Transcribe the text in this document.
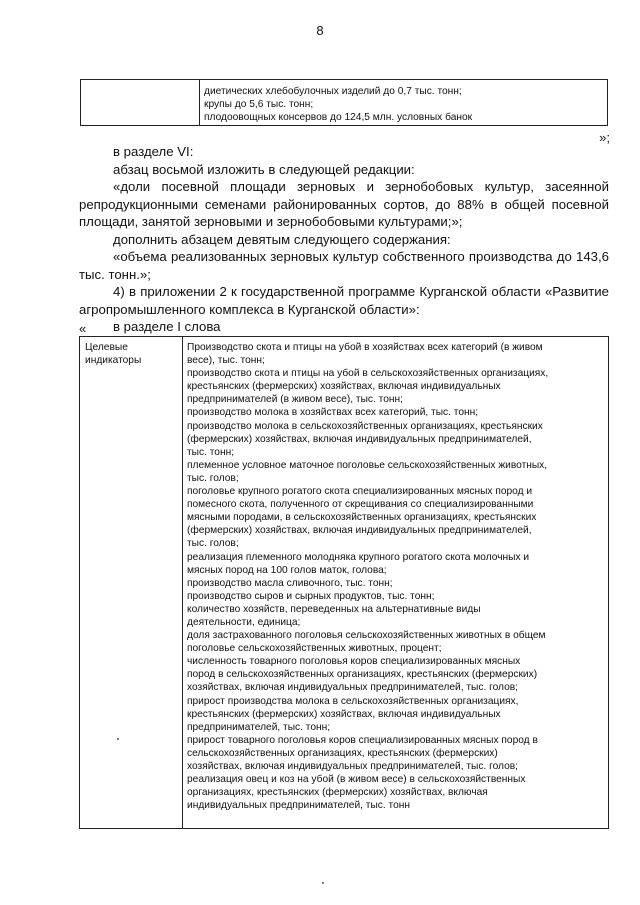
8
диетических хлебобулочных изделий до 0,7 тыс. тонн;
крупы до 5,6 тыс. тонн;
плодоовощных консервов до 124,5 млн. условных банок
»;

в разделе VI:

абзац восьмой изложить в следующей редакции:

«доли посевной площади зерновых и зернобобовых культур, засеянной репродукционными семенами районированных сортов, до 88% в общей посевной площади, занятой зерновыми и зернобобовыми культурами;»;

дополнить абзацем девятым следующего содержания:

«объема реализованных зерновых культур собственного производства до 143,6 тыс. тонн.»;

4) в приложении 2 к государственной программе Курганской области «Развитие агропромышленного комплекса в Курганской области»:

в разделе I слова

«
Целевые индикаторы
Производство скота и птицы на убой в хозяйствах всех категорий (в живом
весе), тыс. тонн;
производство скота и птицы на убой в сельскохозяйственных организациях,
крестьянских (фермерских) хозяйствах, включая индивидуальных
предпринимателей (в живом весе), тыс. тонн;
производство молока в хозяйствах всех категорий, тыс. тонн;
производство молока в сельскохозяйственных организациях, крестьянских
(фермерских) хозяйствах, включая индивидуальных предпринимателей,
тыс. тонн;
племенное условное маточное поголовье сельскохозяйственных животных,
тыс. голов;
поголовье крупного рогатого скота специализированных мясных пород и
помесного скота, полученного от скрещивания со специализированными
мясными породами, в сельскохозяйственных организациях, крестьянских
(фермерских) хозяйствах, включая индивидуальных предпринимателей,
тыс. голов;
реализация племенного молодняка крупного рогатого скота молочных и
мясных пород на 100 голов маток, голова;
производство масла сливочного, тыс. тонн;
производство сыров и сырных продуктов, тыс. тонн;
количество хозяйств, переведенных на альтернативные виды
деятельности, единица;
доля застрахованного поголовья сельскохозяйственных животных в общем
поголовье сельскохозяйственных животных, процент;
численность товарного поголовья коров специализированных мясных
пород в сельскохозяйственных организациях, крестьянских (фермерских)
хозяйствах, включая индивидуальных предпринимателей, тыс. голов;
прирост производства молока в сельскохозяйственных организациях,
крестьянских (фермерских) хозяйствах, включая индивидуальных
предпринимателей, тыс. тонн;
прирост товарного поголовья коров специализированных мясных пород в
сельскохозяйственных организациях, крестьянских (фермерских)
хозяйствах, включая индивидуальных предпринимателей, тыс. голов;
реализация овец и коз на убой (в живом весе) в сельскохозяйственных
организациях, крестьянских (фермерских) хозяйствах, включая
индивидуальных предпринимателей, тыс. тонн
